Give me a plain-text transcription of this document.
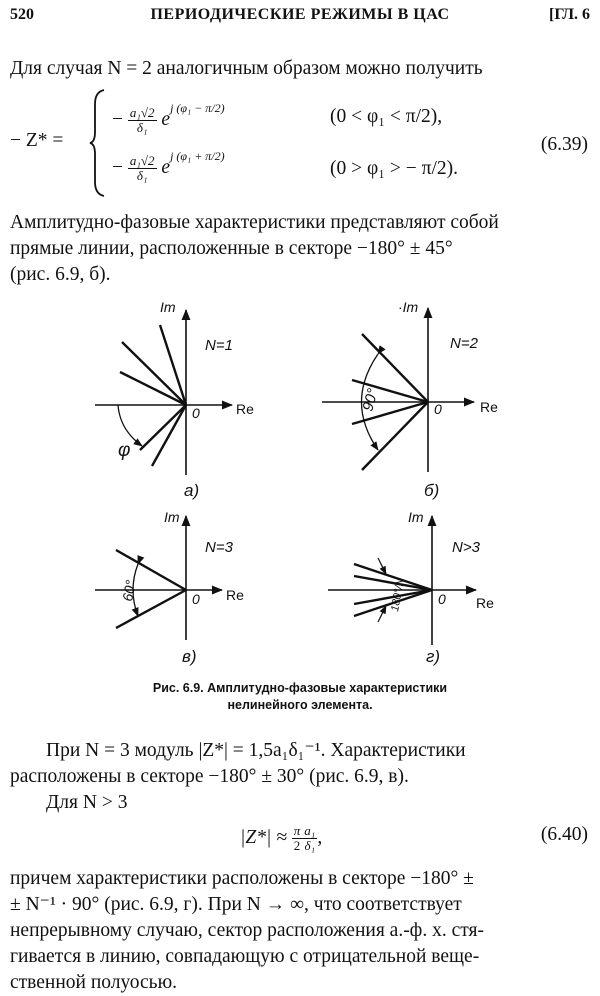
520	ПЕРИОДИЧЕСКИЕ РЕЖИМЫ В ЦАС	[ГЛ. 6
Для случая N = 2 аналогичным образом можно получить
− Z* =
−
$\frac{\text{a₁√2}}{\text{δ₁}}$
e
j (φ₁ − π/2)	(0 < φ₁ < π/2),
−
$\frac{\text{a₁√2}}{\text{δ₁}}$
e
j (φ₁ + π/2)
(0 > φ₁ > − π/2).
(6.39)
Амплитудно-фазовые характеристики представляют собой
прямые линии, расположенные в секторе −180° ± 45°
(рис. 6.9, б).
Im
Re
0
N=1
φ
а)
·Im
Re
0
N=2
90°
б)
Im
Re
0
N=3
60°
в)
Im
Re
0
N>3
180°/N
г)
Рис. 6.9. Амплитудно-фазовые характеристики
нелинейного элемента.
При N = 3 модуль |Z*| = 1,5a₁δ₁⁻¹. Характеристики
расположены в секторе −180° ± 30° (рис. 6.9, в).
Для N > 3
|Z*| ≈
$\frac{\pi}{2} \frac{\text{a₁}}{\text{δ₁}}$ ,	(6.40)
причем характеристики расположены в секторе −180° ±
± N⁻¹ · 90° (рис. 6.9, г). При N → ∞, что соответствует
непрерывному случаю, сектор расположения а.-ф. х. стя-
гивается в линию, совпадающую с отрицательной веще-
ственной полуосью.
